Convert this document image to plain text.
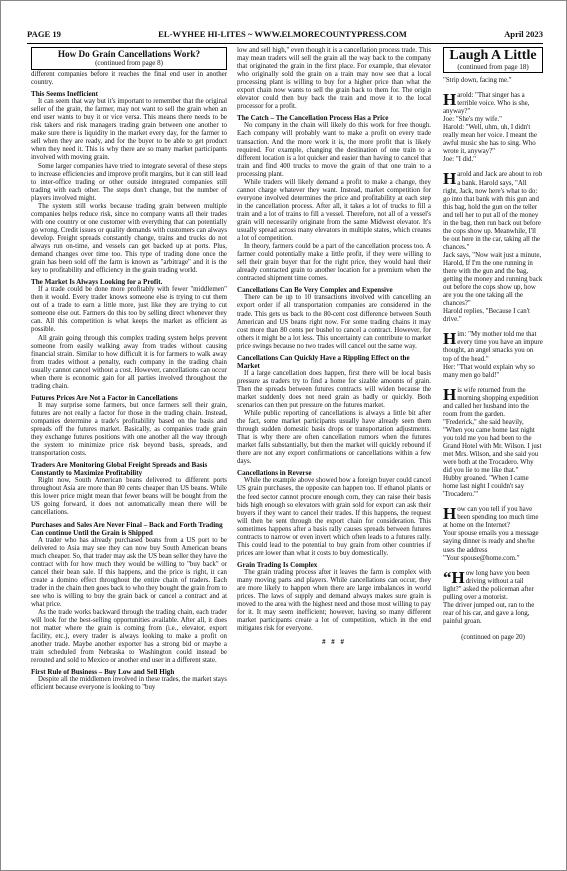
PAGE 19	EL-WYHEE HI-LITES ~ WWW.ELMORECOUNTYPRESS.COM	April 2023
How Do Grain Cancellations Work?
(continued from page 8)

different companies before it reaches the final end user in another country.

This Seems Inefficient

It can seem that way but it's important to remember that the original seller of the grain, the farmer, may not want to sell the grain when an end user wants to buy it or vice versa. This means there needs to be risk takers and risk managers trading grain between one another to make sure there is liquidity in the market every day, for the farmer to sell when they are ready, and for the buyer to be able to get product when they need it. This is why there are so many market participants involved with moving grain.

Some larger companies have tried to integrate several of these steps to increase efficiencies and improve profit margins, but it can still lead to inter-office trading or other outside integrated companies still trading with each other. The steps don't change, but the number of players involved might.

The system still works because trading grain between multiple companies helps reduce risk, since no company wants all their trades with one country or one customer with everything that can potentially go wrong. Credit issues or quality demands with customers can always develop. Freight spreads constantly change, trains and trucks do not always run on-time, and vessels can get backed up at ports. Plus, demand changes over time too. This type of trading done once the grain has been sold off the farm is known as "arbitrage" and it is the key to profitability and efficiency in the grain trading world.

The Market Is Always Looking for a Profit.

If a trade could be done more profitably with fewer "middlemen" then it would. Every trader knows someone else is trying to cut them out of a trade to earn a little more, just like they are trying to cut someone else out. Farmers do this too by selling direct whenever they can. All this competition is what keeps the market as efficient as possible.

All grain going through this complex trading system helps prevent someone from easily walking away from trades without causing financial strain. Similar to how difficult it is for farmers to walk away from trades without a penalty, each company in the trading chain usually cannot cancel without a cost. However, cancellations can occur when there is economic gain for all parties involved throughout the trading chain.

Futures Prices Are Not a Factor in Cancellations

It may surprise some farmers, but once farmers sell their grain, futures are not really a factor for those in the trading chain. Instead, companies determine a trade's profitability based on the basis and spreads off the futures market. Basically, as companies trade grain they exchange futures positions with one another all the way through the system to minimize price risk beyond basis, spreads, and transportation costs.

Traders Are Monitoring Global Freight Spreads and Basis Constantly to Maximize Profitability

Right now, South American beans delivered to different ports throughout Asia are more than 80 cents cheaper than US beans. While this lower price might mean that fewer beans will be bought from the US going forward, it does not automatically mean there will be cancellations.

Purchases and Sales Are Never Final – Back and Forth Trading Can continue Until the Grain is Shipped

A trader who has already purchased beans from a US port to be delivered to Asia may see they can now buy South American beans much cheaper. So, that trader may ask the US bean seller they have the contract with for how much they would be willing to "buy back" or cancel their bean sale. If this happens, and the price is right, it can create a domino effect throughout the entire chain of traders. Each trader in the chain then goes back to who they bought the grain from to see who is willing to buy the grain back or cancel a contract and at what price.

As the trade works backward through the trading chain, each trader will look for the best-selling opportunities available. After all, it does not matter where the grain is coming from (i.e., elevator, export facility, etc.), every trader is always looking to make a profit on another trade. Maybe another exporter has a strong bid or maybe a train scheduled from Nebraska to Washington could instead be rerouted and sold to Mexico or another end user in a different state.

First Rule of Business – Buy Low and Sell High

Despite all the middlemen involved in these trades, the market stays efficient because everyone is looking to "buy

low and sell high," even though it is a cancellation process trade. This may mean traders will sell the grain all the way back to the company that originated the grain in the first place. For example, that elevator who originally sold the grain on a train may now see that a local processing plant is willing to buy for a higher price than what the export chain now wants to sell the grain back to them for. The origin elevator could then buy back the train and move it to the local processor for a profit.

The Catch – The Cancellation Process Has a Price

No company in the chain will likely do this work for free though. Each company will probably want to make a profit on every trade transaction. And the more work it is, the more profit that is likely required. For example, changing the destination of one train to a different location is a lot quicker and easier than having to cancel that train and find 400 trucks to move the grain of that one train to a processing plant.

While traders will likely demand a profit to make a change, they cannot charge whatever they want. Instead, market competition for everyone involved determines the price and profitability at each step in the cancellation process. After all, it takes a lot of trucks to fill a train and a lot of trains to fill a vessel. Therefore, not all of a vessel's grain will necessarily originate from the same Midwest elevator. It's usually spread across many elevators in multiple states, which creates a lot of competition.

In theory, farmers could be a part of the cancellation process too. A farmer could potentially make a little profit, if they were willing to sell their grain buyer that for the right price, they would haul their already contracted grain to another location for a premium when the contracted shipment time comes.

Cancellations Can Be Very Complex and Expensive

There can be up to 10 transactions involved with cancelling an export order if all transportation companies are considered in the trade. This gets us back to the 80-cent cost difference between South American and US beans right now. For some trading chains it may cost more than 80 cents per bushel to cancel a contract. However, for others it might be a lot less. This uncertainty can contribute to market price swings because no two trades will cancel out the same way.

Cancellations Can Quickly Have a Rippling Effect on the Market

If a large cancellation does happen, first there will be local basis pressure as traders try to find a home for sizable amounts of grain. Then the spreads between futures contracts will widen because the market suddenly does not need grain as badly or quickly. Both scenarios can then put pressure on the futures market.

While public reporting of cancellations is always a little bit after the fact, some market participants usually have already seen them through sudden domestic basis drops or transportation adjustments. That is why there are often cancellation rumors when the futures market falls substantially, but then the market will quickly rebound if there are not any export confirmations or cancellations within a few days.

Cancellations in Reverse

While the example above showed how a foreign buyer could cancel US grain purchases, the opposite can happen too. If ethanol plants or the feed sector cannot procure enough corn, they can raise their basis bids high enough so elevators with grain sold for export can ask their buyers if they want to cancel their trades. If this happens, the request will then be sent through the export chain for consideration. This sometimes happens after a basis rally causes spreads between futures contracts to narrow or even invert which often leads to a futures rally. This could lead to the potential to buy grain from other countries if prices are lower than what it costs to buy domestically.

Grain Trading Is Complex

The grain trading process after it leaves the farm is complex with many moving parts and players. While cancellations can occur, they are more likely to happen when there are large imbalances in world prices. The laws of supply and demand always makes sure grain is moved to the area with the highest need and those most willing to pay for it. It may seem inefficient; however, having so many different market participants create a lot of competition, which in the end mitigates risk for everyone.

# # #
Laugh A Little
(continued from page 18)

"Strip down, facing me."

Harold: "That singer has a terrible voice. Who is she, anyway?"

Joe: "She's my wife."

Harold: "Well, uhm, uh, I didn't really mean her voice. I meant the awful music she has to sing. Who wrote it, anyway?"

Joe: "I did."

Harold and Jack are about to rob a bank. Harold says, "All right, Jack, now here's what to do: go into that bank with this gun and this bag, hold the gun on the teller and tell her to put all of the money in the bag, then run back out before the cops show up. Meanwhile, I'll be out here in the car, taking all the chances."

Jack says, "Now wait just a minute, Harold, If I'm the one running in there with the gun and the bag, getting the money and running back out before the cops show up, how are you the one taking all the chances?"

Harold replies, "Because I can't drive."

Him: "My mother told me that every time you have an impure thought, an angel smacks you on top of the head."

Her: "That would explain why so many men go bald!"

His wife returned from the morning shopping expedition and called her husband into the room from the garden.

"Frederick," she said heavily, "When you came home last night you told me you had been to the Grand Hotel with Mr. Wilson. I just met Mrs. Wilson, and she said you were both at the Trocadero. Why did you lie to me like that."

Hubby groaned. "When I came home last night I couldn't say 'Trocadero.'"

How can you tell if you have been spending too much time at home on the Internet?

Your spouse emails you a message saying dinner is ready and she/he uses the address

"Your spouse@home.com."

“How long have you been driving without a tail light?" asked the policeman after pulling over a motorist.

The driver jumped out, ran to the rear of his car, and gave a long, painful groan.

(continued on page 20)
